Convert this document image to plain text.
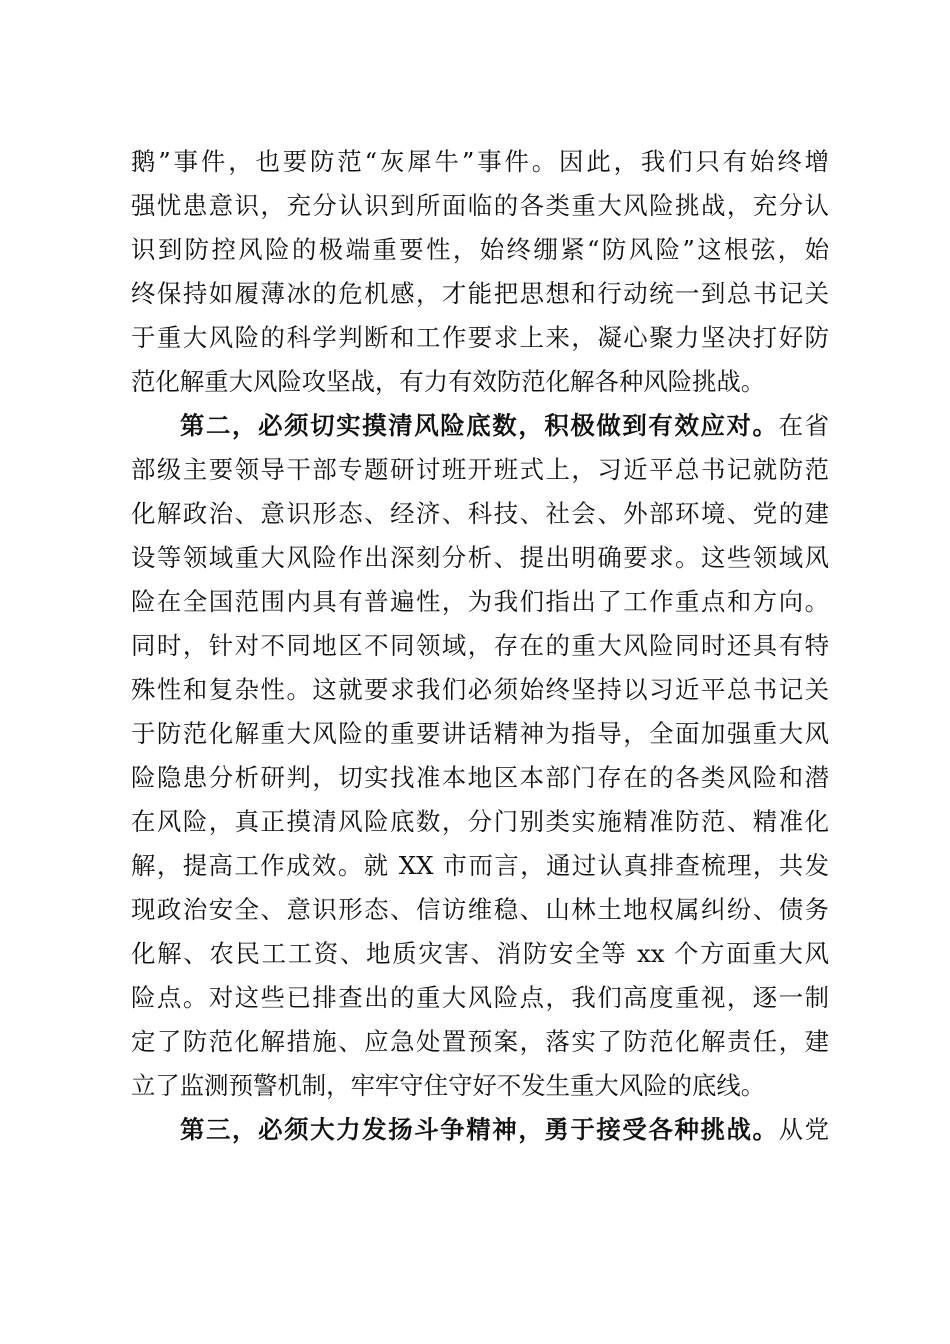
鹅”事件，也要防范“灰犀牛”事件。因此，我们只有始终增
强忧患意识，充分认识到所面临的各类重大风险挑战，充分认
识到防控风险的极端重要性，始终绷紧“防风险”这根弦，始
终保持如履薄冰的危机感，才能把思想和行动统一到总书记关
于重大风险的科学判断和工作要求上来，凝心聚力坚决打好防
范化解重大风险攻坚战，有力有效防范化解各种风险挑战。
第二，必须切实摸清风险底数，积极做到有效应对。在省
部级主要领导干部专题研讨班开班式上，习近平总书记就防范
化解政治、意识形态、经济、科技、社会、外部环境、党的建
设等领域重大风险作出深刻分析、提出明确要求。这些领域风
险在全国范围内具有普遍性，为我们指出了工作重点和方向。
同时，针对不同地区不同领域，存在的重大风险同时还具有特
殊性和复杂性。这就要求我们必须始终坚持以习近平总书记关
于防范化解重大风险的重要讲话精神为指导，全面加强重大风
险隐患分析研判，切实找准本地区本部门存在的各类风险和潜
在风险，真正摸清风险底数，分门别类实施精准防范、精准化
解，提高工作成效。就 XX 市而言，通过认真排查梳理，共发
现政治安全、意识形态、信访维稳、山林土地权属纠纷、债务
化解、农民工工资、地质灾害、消防安全等 xx 个方面重大风
险点。对这些已排查出的重大风险点，我们高度重视，逐一制
定了防范化解措施、应急处置预案，落实了防范化解责任，建
立了监测预警机制，牢牢守住守好不发生重大风险的底线。
第三，必须大力发扬斗争精神，勇于接受各种挑战。从党
